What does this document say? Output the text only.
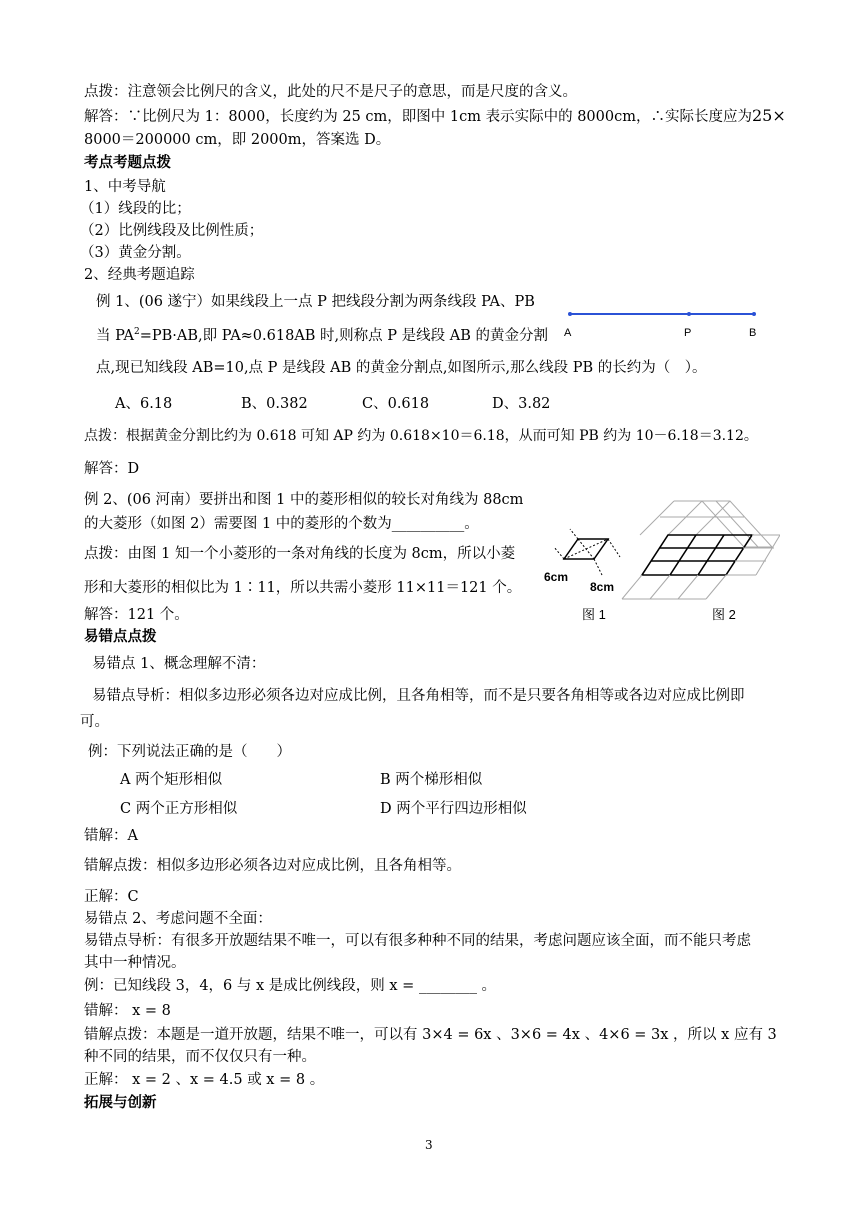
点拨：注意领会比例尺的含义，此处的尺不是尺子的意思，而是尺度的含义。
解答：∵比例尺为 1：8000，长度约为 25 cm，即图中 1cm 表示实际中的 8000cm，∴实际长度应为25×
8000＝200000 cm，即 2000m，答案选 D。
考点考题点拨
1、中考导航
（1）线段的比；
（2）比例线段及比例性质；
（3）黄金分割。
2、经典考题追踪
例 1、(06 遂宁）如果线段上一点 P 把线段分割为两条线段 PA、PB
当 $PA^2=PB\cdot AB$,即 PA≈0.618AB 时,则称点 P 是线段 AB 的黄金分割
点,现已知线段 AB=10,点 P 是线段 AB 的黄金分割点,如图所示,那么线段 PB 的长约为（　）。
A	P	B
A、6.18	B、0.382	C、0.618	D、3.82
点拨：根据黄金分割比约为 0.618 可知 AP 约为 0.618×10＝6.18，从而可知 PB 约为 10－6.18＝3.12。
解答：D
例 2、(06 河南）要拼出和图 1 中的菱形相似的较长对角线为 88cm
的大菱形（如图 2）需要图 1 中的菱形的个数为__________。
点拨：由图 1 知一个小菱形的一条对角线的长度为 8cm，所以小菱
形和大菱形的相似比为 1∶11，所以共需小菱形 11×11＝121 个。
解答：121 个。
6cm
8cm
图 1	图 2
易错点点拨
易错点 1、概念理解不清：
易错点导析：相似多边形必须各边对应成比例，且各角相等，而不是只要各角相等或各边对应成比例即
可。
例：下列说法正确的是（　　）
A 两个矩形相似	B 两个梯形相似
C 两个正方形相似	D 两个平行四边形相似
错解：A
错解点拨：相似多边形必须各边对应成比例，且各角相等。
正解：C
易错点 2、考虑问题不全面：
易错点导析：有很多开放题结果不唯一，可以有很多种种不同的结果，考虑问题应该全面，而不能只考虑
其中一种情况。
例：已知线段 3，4，6 与 x 是成比例线段，则 x = ________ 。
错解： x = 8
错解点拨：本题是一道开放题，结果不唯一，可以有 3×4 = 6x 、3×6 = 4x 、4×6 = 3x ，所以 x 应有 3
种不同的结果，而不仅仅只有一种。
正解： x = 2 、x = 4.5 或 x = 8 。
拓展与创新
3
